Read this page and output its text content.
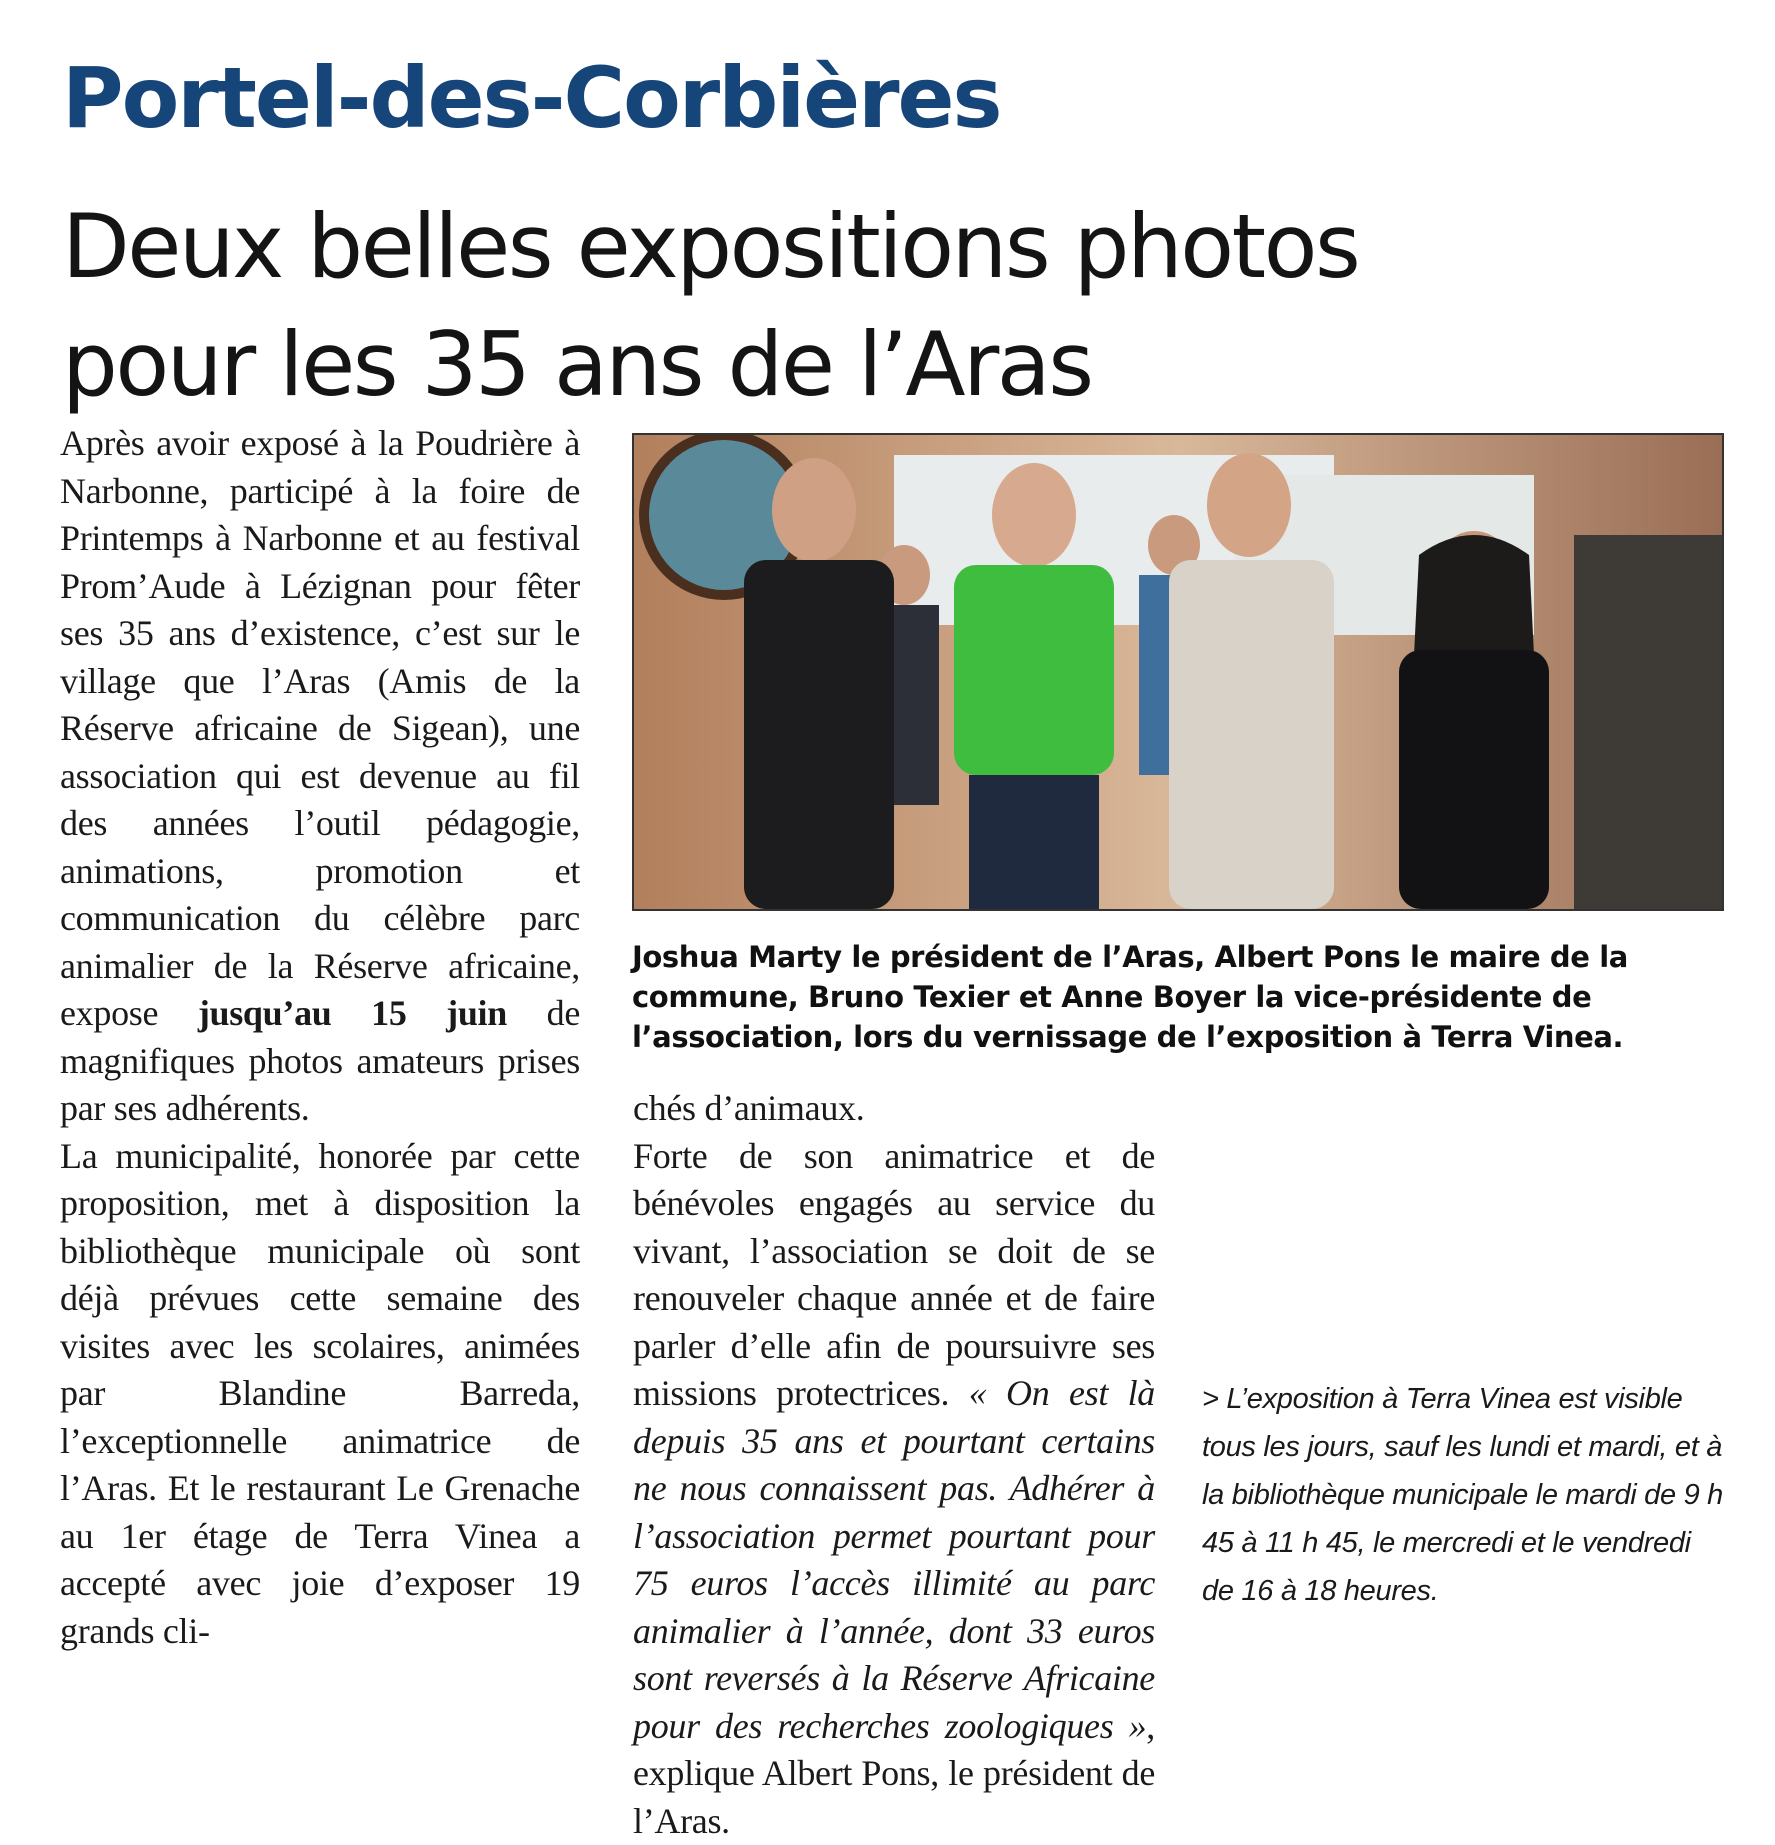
Portel-des-Corbières
Deux belles expositions photos
pour les 35 ans de l’Aras

Après avoir exposé à la Poudrière à Narbonne, participé à la foire de Printemps à Narbonne et au festival Prom’Aude à Lézignan pour fêter ses 35 ans d’existence, c’est sur le village que l’Aras (Amis de la Réserve africaine de Sigean), une association qui est devenue au fil des années l’outil pédagogie, animations, promotion et communication du célèbre parc animalier de la Réserve africaine, expose jusqu’au 15 juin de magnifiques photos amateurs prises par ses adhérents.

La municipalité, honorée par cette proposition, met à disposition la bibliothèque municipale où sont déjà prévues cette semaine des visites avec les scolaires, animées par Blandine Barreda, l’exceptionnelle animatrice de l’Aras. Et le restaurant Le Grenache au 1er étage de Terra Vinea a accepté avec joie d’exposer 19 grands cli-

Joshua Marty le président de l’Aras, Albert Pons le maire de la commune, Bruno Texier et Anne Boyer la vice-présidente de l’association, lors du vernissage de l’exposition à Terra Vinea.

chés d’animaux.

Forte de son animatrice et de bénévoles engagés au service du vivant, l’association se doit de se renouveler chaque année et de faire parler d’elle afin de poursuivre ses missions protectrices. « On est là depuis 35 ans et pourtant certains ne nous connaissent pas. Adhérer à l’association permet pourtant pour 75 euros l’accès illimité au parc animalier à l’année, dont 33 euros sont reversés à la Réserve Africaine pour des recherches zoologiques », explique Albert Pons, le président de l’Aras.

> L’exposition à Terra Vinea est visible tous les jours, sauf les lundi et mardi, et à la bibliothèque municipale le mardi de 9 h 45 à 11 h 45, le mercredi et le vendredi de 16 à 18 heures.
